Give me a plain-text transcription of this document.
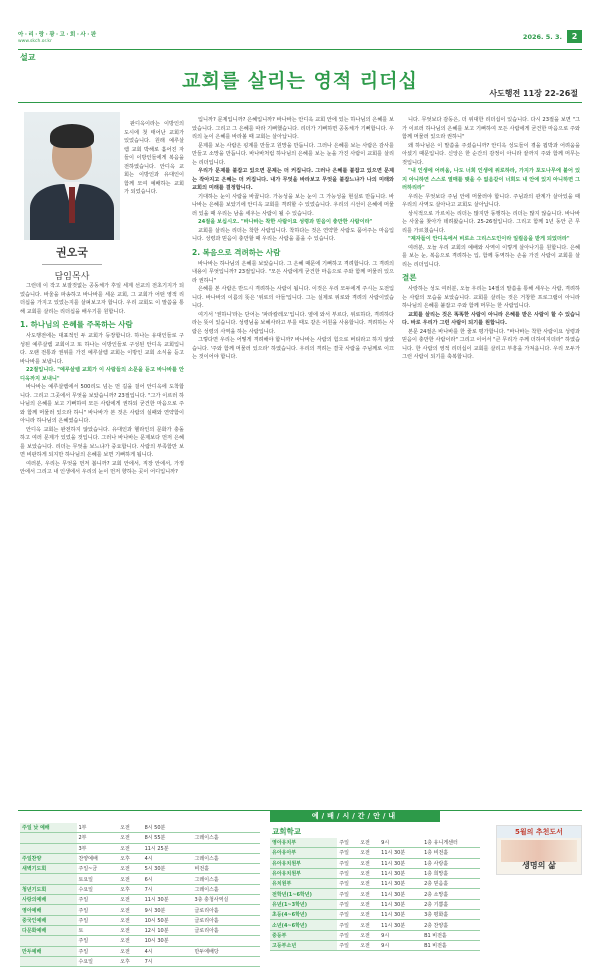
아·리·랑·광·고·회·사·판
www.skch.or.kr
2026. 5. 3.	2
설교
교회를 살리는 영적 리더십
사도행전 11장 22-26절
권오국
담임목사

판디옥이라는 이방인의 도시에 첫 태어난 교회가 있었습니다. 원래 예루살렘 교회 박해로 흩어진 자들이 이방인들에게 복음을 전하였습니다. 안디옥 교회는 이방인과 유대인이 함께 모여 예배하는 교회가 되었습니다.

그런데 이 작고 보잘것없는 공동체가 후일 세계 선교의 전초기지가 되었습니다. 바울을 파송하고 바나바를 세운 교회, 그 교회가 어떤 영적 리더십을 가지고 있었는지를 살펴보고자 합니다. 우리 교회도 이 말씀을 통해 교회를 살리는 리더십을 배우기를 원합니다.

1. 하나님의 은혜를 주목하는 사람

사도행전에는 대표적인 두 교회가 등장합니다. 하나는 유대인들로 구성된 예루살렘 교회이고 또 하나는 이방인들로 구성된 안디옥 교회입니다. 오랜 전통과 권위를 가진 예루살렘 교회는 이방인 교회 소식을 듣고 바나바를 보냅니다.

22절입니다. "예루살렘 교회가 이 사람들의 소문을 듣고 바나바를 안디옥까지 보내니"

바나바는 예루살렘에서 500리도 넘는 먼 길을 걸어 안디옥에 도착합니다. 그리고 그곳에서 무엇을 보았습니까? 23절입니다. "그가 이르러 하나님의 은혜를 보고 기뻐하여 모든 사람에게 권하되 굳건한 마음으로 주와 함께 머물러 있으라 하니" 바나바가 본 것은 사람의 실패와 연약함이 아니라 하나님의 은혜였습니다.

안디옥 교회는 완전하지 않았습니다. 유대인과 헬라인의 문화가 충돌하고 여러 문제가 있었을 것입니다. 그러나 바나바는 문제보다 먼저 은혜를 보았습니다. 리더는 무엇을 보느냐가 중요합니다. 사람의 부족함만 보면 비판하게 되지만 하나님의 은혜를 보면 기뻐하게 됩니다.

여러분, 우리는 무엇을 먼저 봅니까? 교회 안에서, 직장 안에서, 가정 안에서 그리고 내 인생에서 우리의 눈이 먼저 향하는 곳이 어디입니까?

입니까? 문제입니까? 은혜입니까? 바나바는 안디옥 교회 안에 있는 하나님의 은혜를 보았습니다. 그리고 그 은혜를 따라 기뻐했습니다. 리더가 기뻐하면 공동체가 기뻐합니다. 우리의 눈이 은혜를 바라볼 때 교회는 살아납니다.

문제를 보는 사람은 핑계를 만들고 원망을 만듭니다. 그러나 은혜를 보는 사람은 감사를 만들고 소망을 만듭니다. 바나바처럼 하나님의 은혜를 보는 눈을 가진 사람이 교회를 살리는 리더입니다.

우리가 문제를 붙잡고 있으면 문제는 더 커집니다. 그러나 은혜를 붙잡고 있으면 문제는 작아지고 은혜는 더 커집니다. 내가 무엇을 바라보고 무엇을 붙잡느냐가 나의 미래와 교회의 미래를 결정합니다.

기대하는 눈이 사람을 바꿉니다. 가능성을 보는 눈이 그 가능성을 현실로 만듭니다. 바나바는 은혜를 보았기에 안디옥 교회를 격려할 수 있었습니다. 우리의 시선이 은혜에 머물러 있을 때 우리는 남을 세우는 사람이 될 수 있습니다.

24절을 보십시오. "바나바는 착한 사람이요 성령과 믿음이 충만한 사람이라"

교회를 살리는 리더는 착한 사람입니다. 착하다는 것은 연약한 사람도 품어주는 마음입니다. 성령과 믿음이 충만할 때 우리는 사람을 품을 수 있습니다.

2. 복음으로 격려하는 사람

바나바는 하나님의 은혜를 보았습니다. 그 은혜 때문에 기뻐하고 격려합니다. 그 격려의 내용이 무엇입니까? 23절입니다. "모든 사람에게 굳건한 마음으로 주와 함께 머물러 있으라 권하니"

은혜를 본 사람은 반드시 격려하는 사람이 됩니다. 이것은 우리 모두에게 주시는 도전입니다. 바나바의 이름의 뜻은 '위로의 아들'입니다. 그는 실제로 위로와 격려의 사람이었습니다.

여기서 '권하니'라는 단어는 '파라칼레오'입니다. 옆에 와서 부르다, 위로하다, 격려하다라는 뜻이 있습니다. 성령님을 보혜사라고 부를 때도 같은 어원을 사용합니다. 격려하는 사람은 성령의 사역을 하는 사람입니다.

그렇다면 우리는 어떻게 격려해야 합니까? 바나바는 사람의 힘으로 버티라고 하지 않았습니다. '주와 함께 머물러 있으라' 하였습니다. 우리의 격려는 결국 사람을 주님께로 이끄는 것이어야 합니다.

니다. 무엇보다 감동은, 더 위대한 리더십이 있습니다. 다시 23절을 보면 "그가 이르러 하나님의 은혜를 보고 기뻐하여 모든 사람에게 굳건한 마음으로 주와 함께 머물러 있으라 권하니"

왜 하나님은 이 말씀을 주셨습니까? 안디옥 성도들이 겪을 핍박과 어려움을 아셨기 때문입니다. 신앙은 한 순간의 감정이 아니라 끝까지 주와 함께 머무는 것입니다.

"내 인생에 어려움, 나도 너희 인생에 위로하라, 가지가 포도나무에 붙어 있지 아니하면 스스로 열매를 맺을 수 없음같이 너희도 내 안에 있지 아니하면 그러하리라"

우리는 무엇보다 주님 안에 머물러야 합니다. 주님과의 관계가 살아있을 때 우리의 사역도 살아나고 교회도 살아납니다.

상식적으로 가르치는 리더는 많지만 동행하는 리더는 많지 않습니다. 바나바는 사울을 찾아가 데려왔습니다. 25-26절입니다. 그리고 함께 1년 동안 큰 무리를 가르쳤습니다.

"제자들이 안디옥에서 비로소 그리스도인이라 일컬음을 받게 되었더라"

여러분, 오늘 우리 교회의 예배와 사역이 이렇게 살아나기를 원합니다. 은혜를 보는 눈, 복음으로 격려하는 입, 함께 동역하는 손을 가진 사람이 교회를 살리는 리더입니다.

결론

사랑하는 성도 여러분, 오늘 우리는 14절의 말씀을 통해 세우는 사람, 격려하는 사람의 모습을 보았습니다. 교회를 살리는 것은 거창한 프로그램이 아니라 하나님의 은혜를 붙잡고 주와 함께 머무는 한 사람입니다.

교회를 살리는 것은 똑똑한 사람이 아니라 은혜를 받은 사람이 할 수 있습니다. 바로 우리가 그런 사람이 되기를 원합니다.

본문 24절은 바나바를 한 줄로 평가합니다. "바나바는 착한 사람이요 성령과 믿음이 충만한 사람이라" 그리고 이어서 "큰 무리가 주께 더하여지더라" 하였습니다. 한 사람의 영적 리더십이 교회를 살리고 부흥을 가져옵니다. 우리 모두가 그런 사람이 되기를 축복합니다.

예/배/시/간/안/내
주일 낮 예배	1부	오전	8시 50분	
	2부	오전	8시 55분	그레이스홀
	3부	오전	11시 25분	
주일찬양	찬양예배	오후	4시	그레이스홀
새벽기도회	주일~금	오전	5시 30분	비전홀
	토요일	오전	6시	그레이스홀
청년기도회	수요일	오후	7시	그레이스홀
사랑의예배	주일	오전	11시 30분	3층 충청사역실
영아예배	주일	오전	9시 30분	글로리아홀
중국인예배	주일	오전	10시 50분	글로리아홀
다문화예배	토	오전	12시 10분	글로리아홀
	주일	오전	10시 30분	
만두예배	주일	오전	4시	만두에배당
	수요일	오후	7시	
교회학교
영아유치부	주일	오전	9시	1층 유니게센터
유아유아부	주일	오전	11시 30분	1층 비전홀
유아유치원부	주일	오전	11시 30분	1층 사랑홀
유아유치원부	주일	오전	11시 30분	1층 희망홀
유치원부	주일	오전	11시 30분	2층 믿음홀
전학년(1~6학년)	주일	오전	11시 30분	2층 소망홀
유년(1~3학년)	주일	오전	11시 30분	2층 기쁨홀
초등(4~6학년)	주일	오전	11시 30분	3층 평화홀
소년(4~6학년)	주일	오전	11시 30분	2층 찬양홀
중등부	주일	오전	9시	B1 비전홀
고등부소년	주일	오전	9시	B1 비전홀
5월의 추천도서
생명의 삶
